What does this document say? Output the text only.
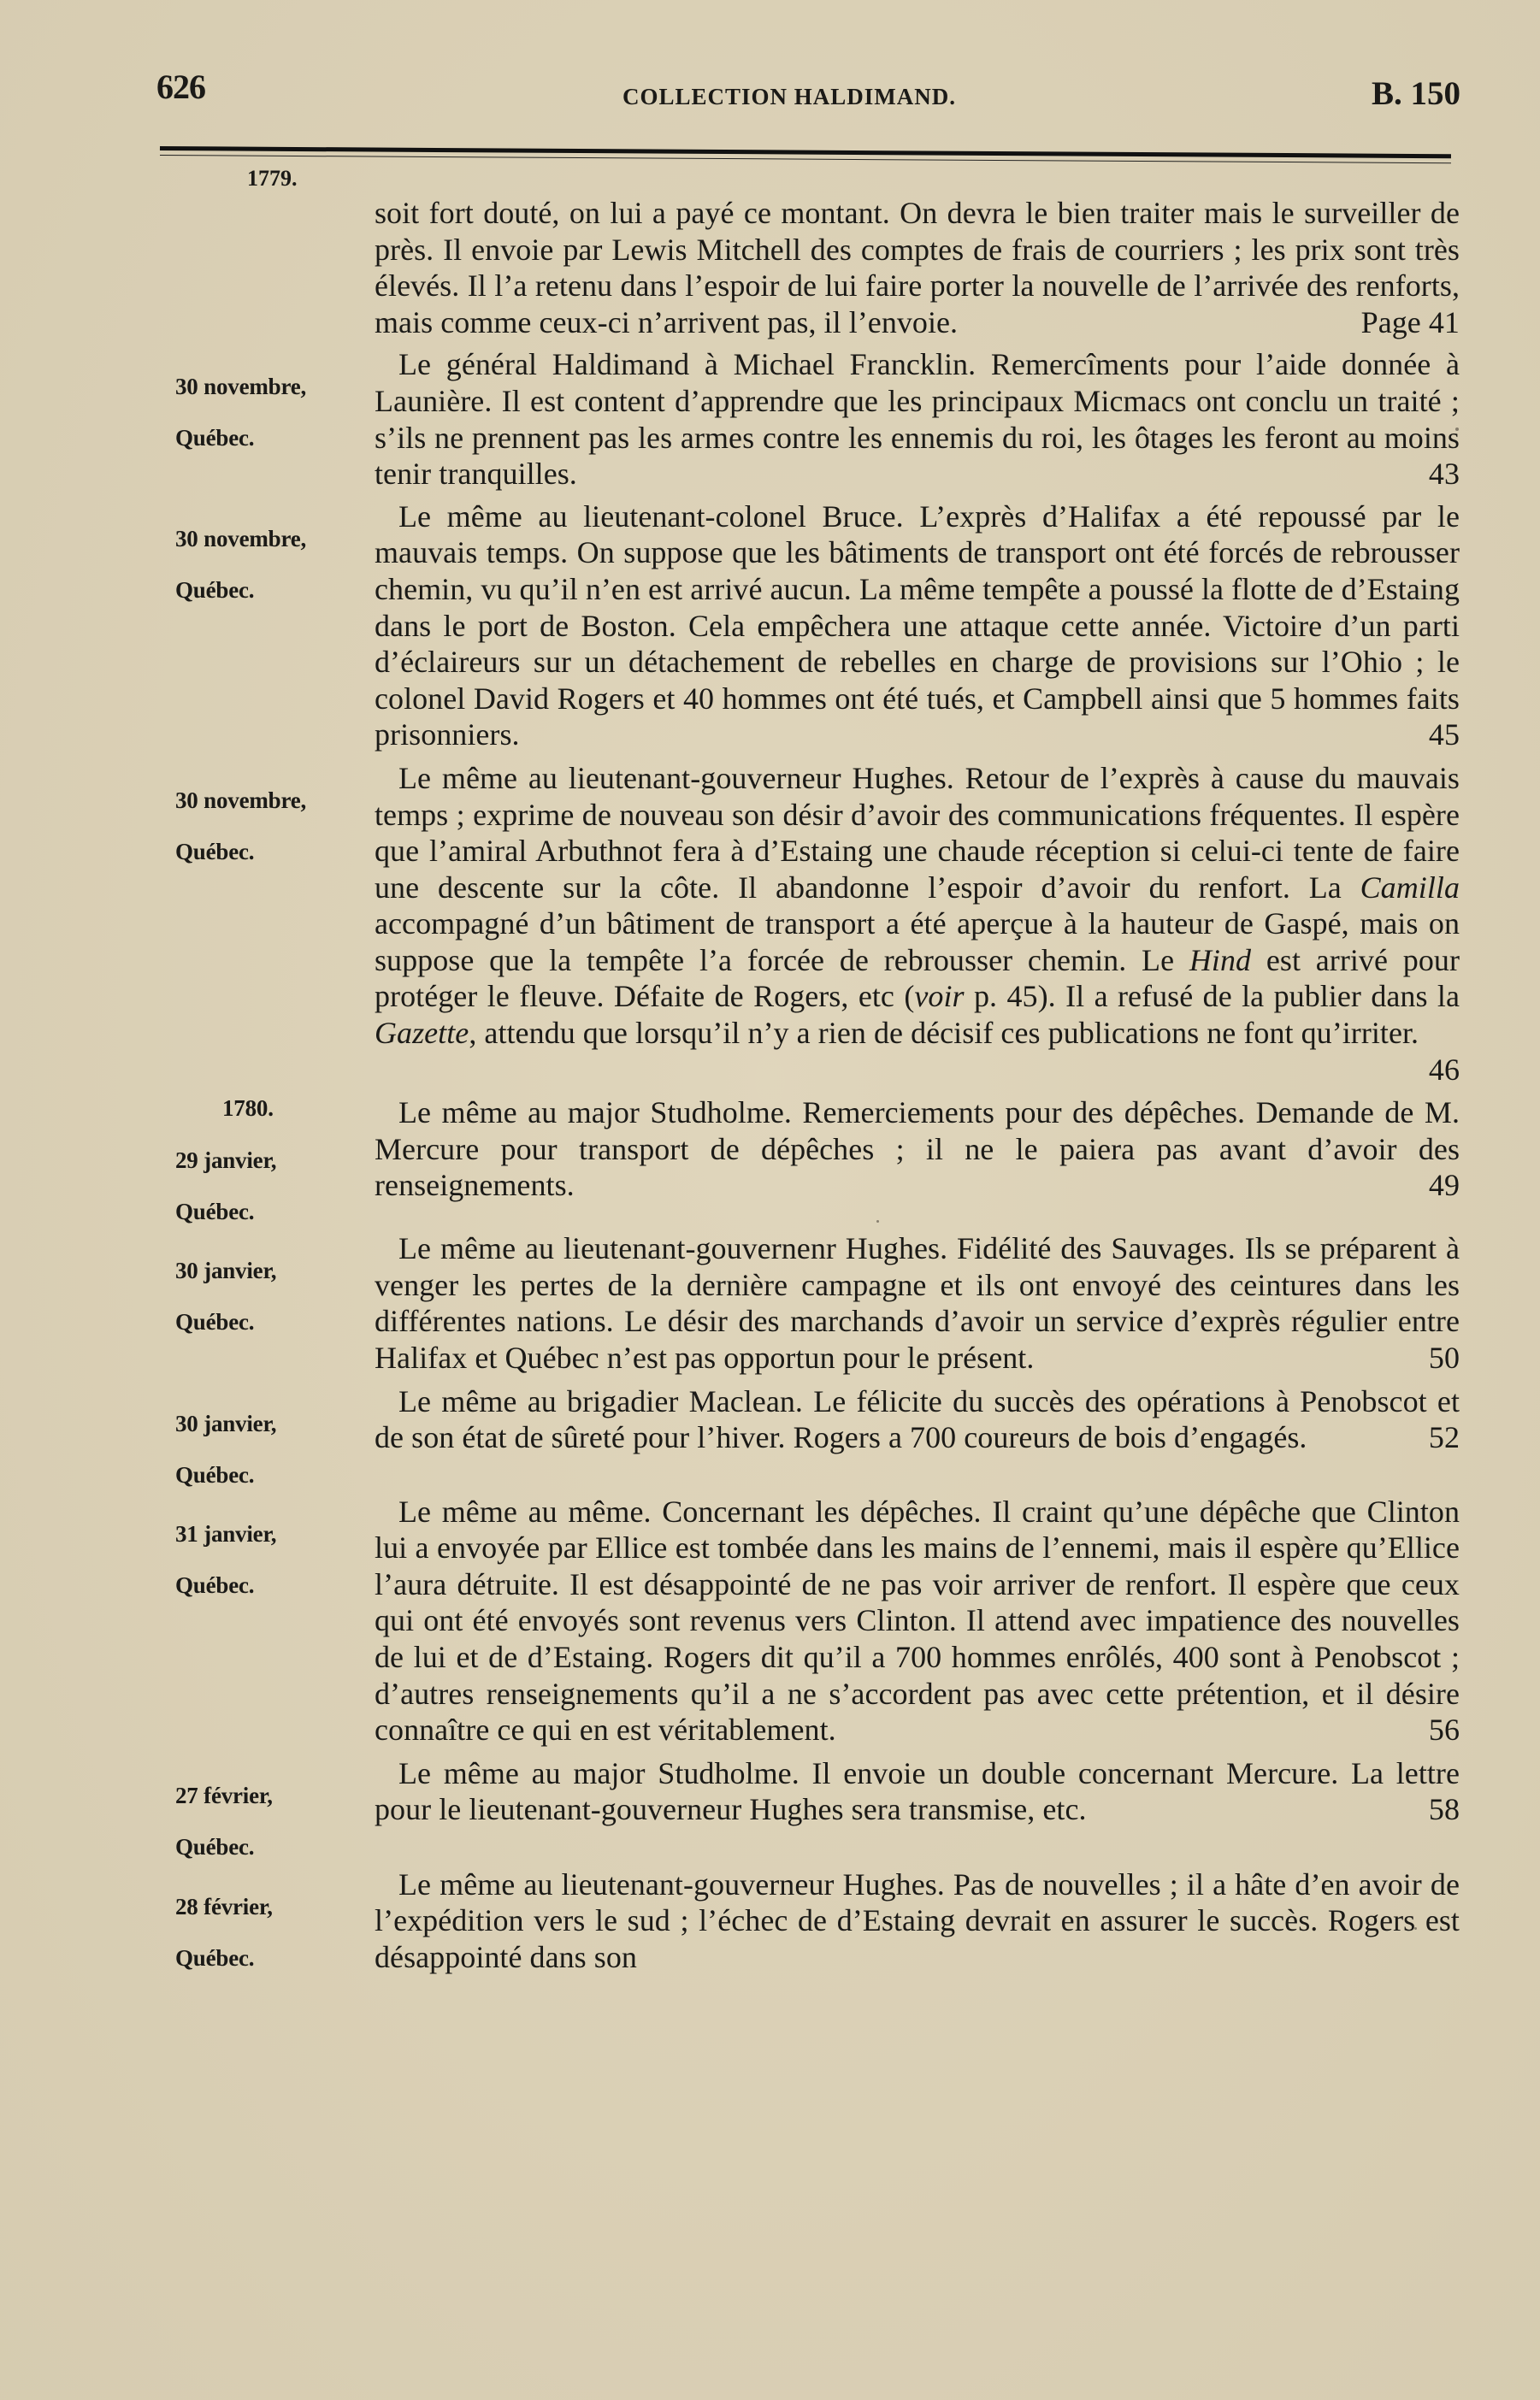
626	COLLECTION HALDIMAND.	B. 150
1779.
soit fort douté, on lui a payé ce montant. On devra le bien traiter mais le surveiller de près. Il envoie par Lewis Mitchell des comptes de frais de courriers ; les prix sont très élevés. Il l’a retenu dans l’espoir de lui faire porter la nouvelle de l’arrivée des renforts, mais comme ceux-ci n’arrivent pas, il l’envoie.	Page 41

30 novembre,

Québec.

Le général Haldimand à Michael Francklin. Remercîments pour l’aide donnée à Launière. Il est content d’apprendre que les principaux Micmacs ont conclu un traité ; s’ils ne prennent pas les armes contre les ennemis du roi, les ôtages les feront au moins tenir tranquilles.	43

30 novembre,

Québec.

Le même au lieutenant-colonel Bruce. L’exprès d’Halifax a été repoussé par le mauvais temps. On suppose que les bâtiments de transport ont été forcés de rebrousser chemin, vu qu’il n’en est arrivé aucun. La même tempête a poussé la flotte de d’Estaing dans le port de Boston. Cela empêchera une attaque cette année. Victoire d’un parti d’éclaireurs sur un détachement de rebelles en charge de provisions sur l’Ohio ; le colonel David Rogers et 40 hommes ont été tués, et Campbell ainsi que 5 hommes faits prisonniers.	45

30 novembre,

Québec.

Le même au lieutenant-gouverneur Hughes. Retour de l’exprès à cause du mauvais temps ; exprime de nouveau son désir d’avoir des communications fréquentes. Il espère que l’amiral Arbuthnot fera à d’Estaing une chaude réception si celui-ci tente de faire une descente sur la côte. Il abandonne l’espoir d’avoir du renfort. La Camilla accompagné d’un bâtiment de transport a été aperçue à la hauteur de Gaspé, mais on suppose que la tempête l’a forcée de rebrousser chemin. Le Hind est arrivé pour protéger le fleuve. Défaite de Rogers, etc (voir p. 45). Il a refusé de la publier dans la Gazette, attendu que lorsqu’il n’y a rien de décisif ces publications ne font qu’irriter.
46

1780.

29 janvier,

Québec.

Le même au major Studholme. Remerciements pour des dépêches. Demande de M. Mercure pour transport de dépêches ; il ne le paiera pas avant d’avoir des renseignements.	49

30 janvier,

Québec.

Le même au lieutenant-gouvernenr Hughes. Fidélité des Sauvages. Ils se préparent à venger les pertes de la dernière campagne et ils ont envoyé des ceintures dans les différentes nations. Le désir des marchands d’avoir un service d’exprès régulier entre Halifax et Québec n’est pas opportun pour le présent.	50

30 janvier,

Québec.

Le même au brigadier Maclean. Le félicite du succès des opérations à Penobscot et de son état de sûreté pour l’hiver. Rogers a 700 coureurs de bois d’engagés.	52

31 janvier,

Québec.

Le même au même. Concernant les dépêches. Il craint qu’une dépêche que Clinton lui a envoyée par Ellice est tombée dans les mains de l’ennemi, mais il espère qu’Ellice l’aura détruite. Il est désappointé de ne pas voir arriver de renfort. Il espère que ceux qui ont été envoyés sont revenus vers Clinton. Il attend avec impatience des nouvelles de lui et de d’Estaing. Rogers dit qu’il a 700 hommes enrôlés, 400 sont à Penobscot ; d’autres renseignements qu’il a ne s’accordent pas avec cette prétention, et il désire connaître ce qui en est véritablement.	56

27 février,

Québec.

Le même au major Studholme. Il envoie un double concernant Mercure. La lettre pour le lieutenant-gouverneur Hughes sera transmise, etc.	58

28 février,

Québec.

Le même au lieutenant-gouverneur Hughes. Pas de nouvelles ; il a hâte d’en avoir de l’expédition vers le sud ; l’échec de d’Estaing devrait en assurer le succès. Rogers est désappointé dans son
